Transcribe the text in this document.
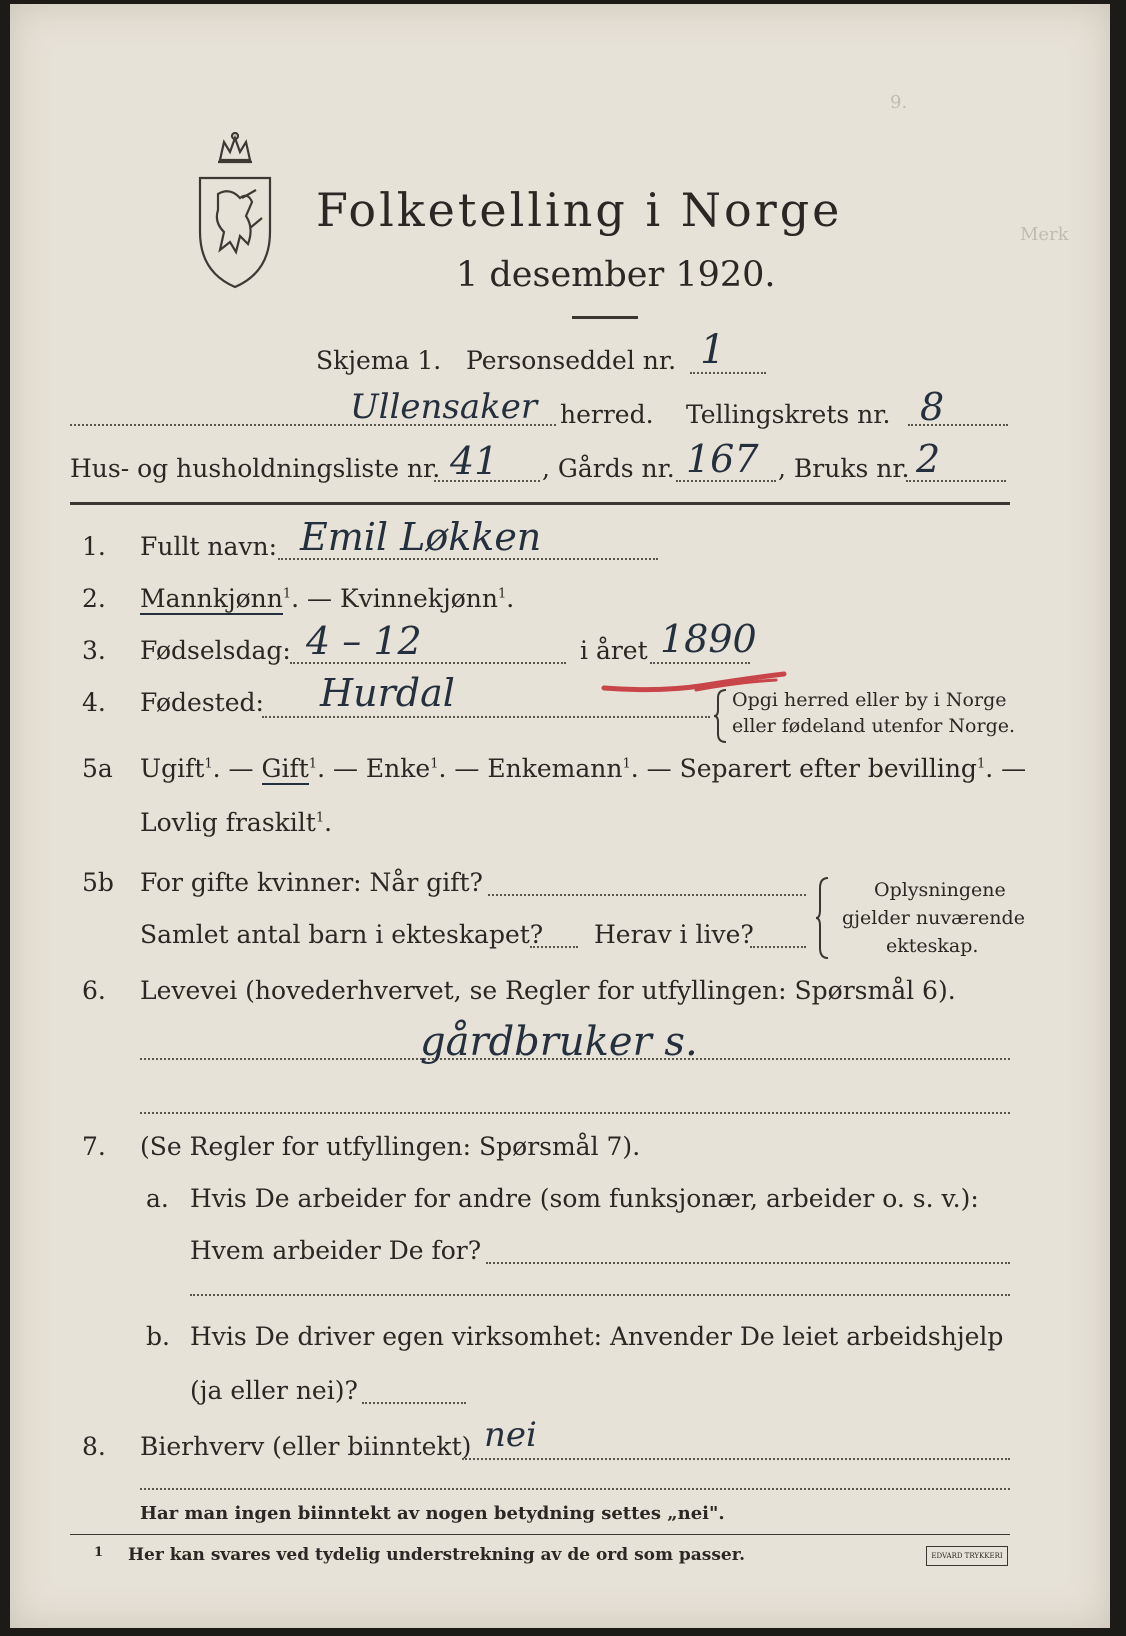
9.
Merk
Folketelling i Norge
1 desember 1920.
Skjema 1. Personseddel nr. 1
Ullensaker herred. Tellingskrets nr. 8
Hus- og husholdningsliste nr. 41 , Gårds nr. 167 , Bruks nr. 2
1. Fullt navn: Emil Løkken
2. Mannkjønn$^1$. — Kvinnekjønn$^1$.
3. Fødselsdag: 4 – 12	i året 1890
4. Fødested: Hurdal	Opgi herred eller by i Norge
eller fødeland utenfor Norge.
5a Ugift$^1$. — Gift$^1$. — Enke$^1$. — Enkemann$^1$. — Separert efter bevilling$^1$. —
Lovlig fraskilt$^1$.
5b For gifte kvinner: Når gift?
Samlet antal barn i ekteskapet? Herav i live?
Oplysningene
gjelder nuværende
ekteskap.
6. Levevei (hovederhvervet, se Regler for utfyllingen: Spørsmål 6).
gårdbruker s.
7. (Se Regler for utfyllingen: Spørsmål 7).
a. Hvis De arbeider for andre (som funksjonær, arbeider o. s. v.):
Hvem arbeider De for?
b. Hvis De driver egen virksomhet: Anvender De leiet arbeidshjelp
(ja eller nei)?
8. Bierhverv (eller biinntekt) nei
Har man ingen biinntekt av nogen betydning settes „nei".
1 Her kan svares ved tydelig understrekning av de ord som passer.	EDVARD TRYKKERI
